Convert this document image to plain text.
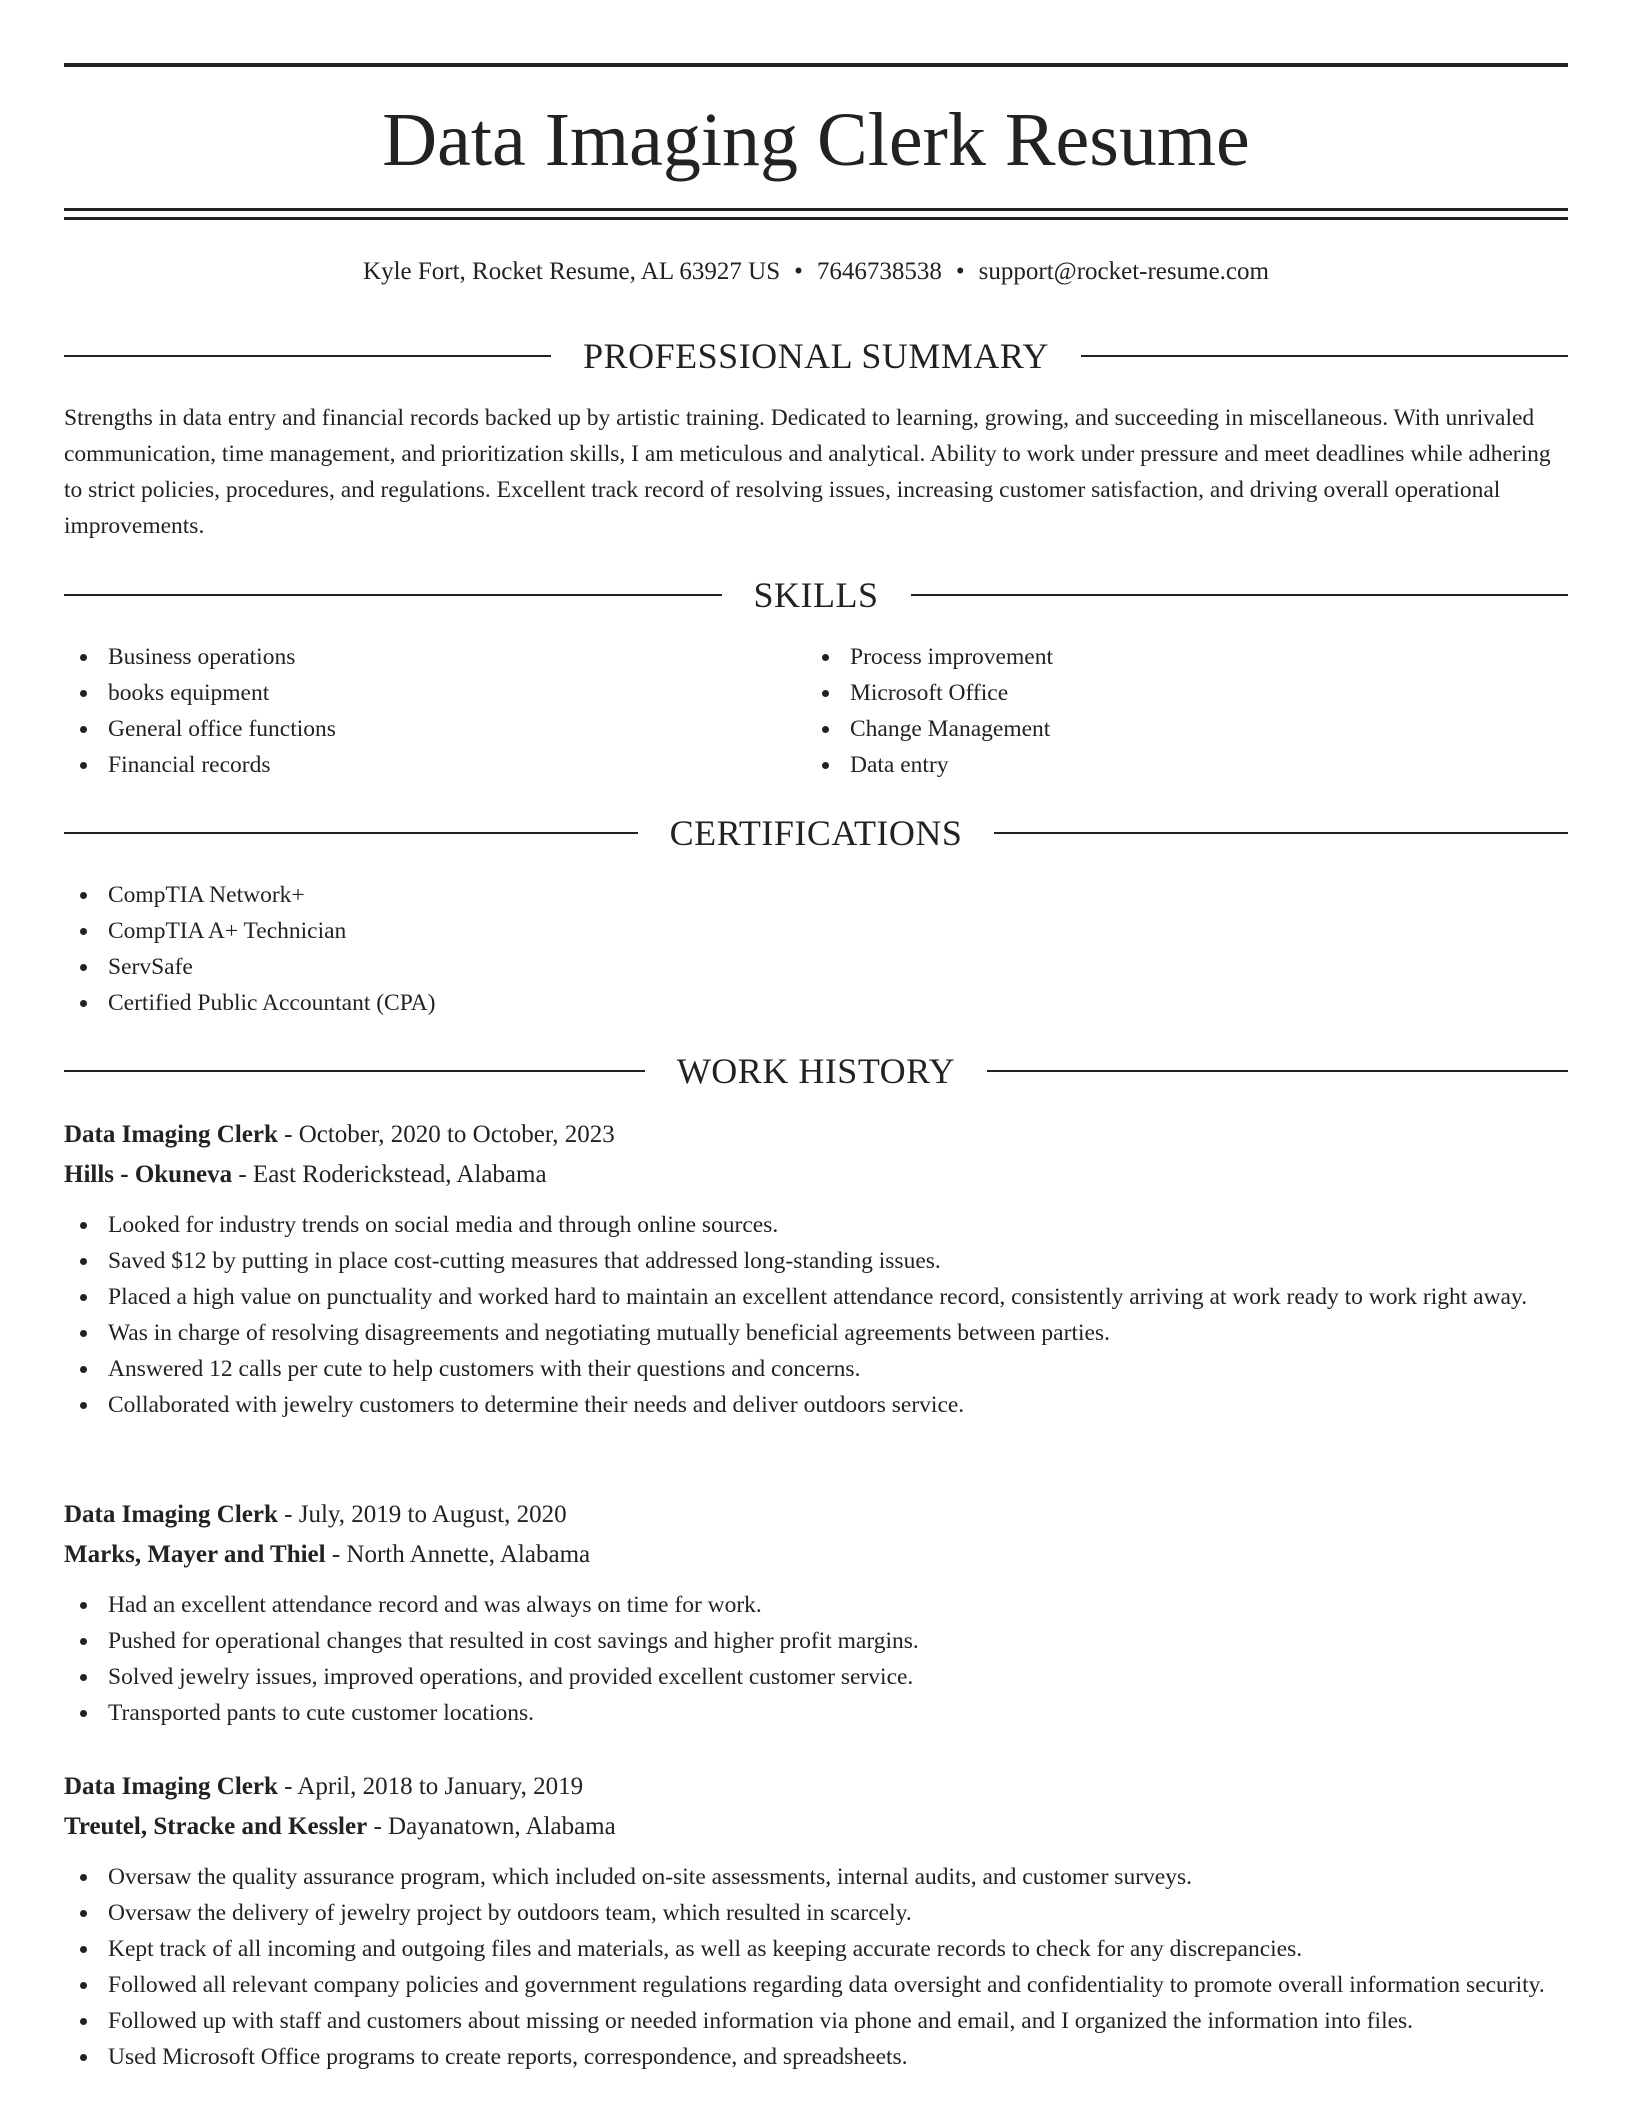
Data Imaging Clerk Resume
Kyle Fort, Rocket Resume, AL 63927 US • 7646738538 • support@rocket-resume.com
PROFESSIONAL SUMMARY

Strengths in data entry and financial records backed up by artistic training. Dedicated to learning, growing, and succeeding in miscellaneous. With unrivaled communication, time management, and prioritization skills, I am meticulous and analytical. Ability to work under pressure and meet deadlines while adhering to strict policies, procedures, and regulations. Excellent track record of resolving issues, increasing customer satisfaction, and driving overall operational improvements.

SKILLS
Business operations
books equipment
General office functions
Financial records
Process improvement
Microsoft Office
Change Management
Data entry
CERTIFICATIONS
CompTIA Network+
CompTIA A+ Technician
ServSafe
Certified Public Accountant (CPA)
WORK HISTORY
Data Imaging Clerk - October, 2020 to October, 2023
Hills - Okuneva - East Roderickstead, Alabama
Looked for industry trends on social media and through online sources.
Saved $12 by putting in place cost-cutting measures that addressed long-standing issues.
Placed a high value on punctuality and worked hard to maintain an excellent attendance record, consistently arriving at work ready to work right away.
Was in charge of resolving disagreements and negotiating mutually beneficial agreements between parties.
Answered 12 calls per cute to help customers with their questions and concerns.
Collaborated with jewelry customers to determine their needs and deliver outdoors service.
Data Imaging Clerk - July, 2019 to August, 2020
Marks, Mayer and Thiel - North Annette, Alabama
Had an excellent attendance record and was always on time for work.
Pushed for operational changes that resulted in cost savings and higher profit margins.
Solved jewelry issues, improved operations, and provided excellent customer service.
Transported pants to cute customer locations.
Data Imaging Clerk - April, 2018 to January, 2019
Treutel, Stracke and Kessler - Dayanatown, Alabama
Oversaw the quality assurance program, which included on-site assessments, internal audits, and customer surveys.
Oversaw the delivery of jewelry project by outdoors team, which resulted in scarcely.
Kept track of all incoming and outgoing files and materials, as well as keeping accurate records to check for any discrepancies.
Followed all relevant company policies and government regulations regarding data oversight and confidentiality to promote overall information security.
Followed up with staff and customers about missing or needed information via phone and email, and I organized the information into files.
Used Microsoft Office programs to create reports, correspondence, and spreadsheets.
